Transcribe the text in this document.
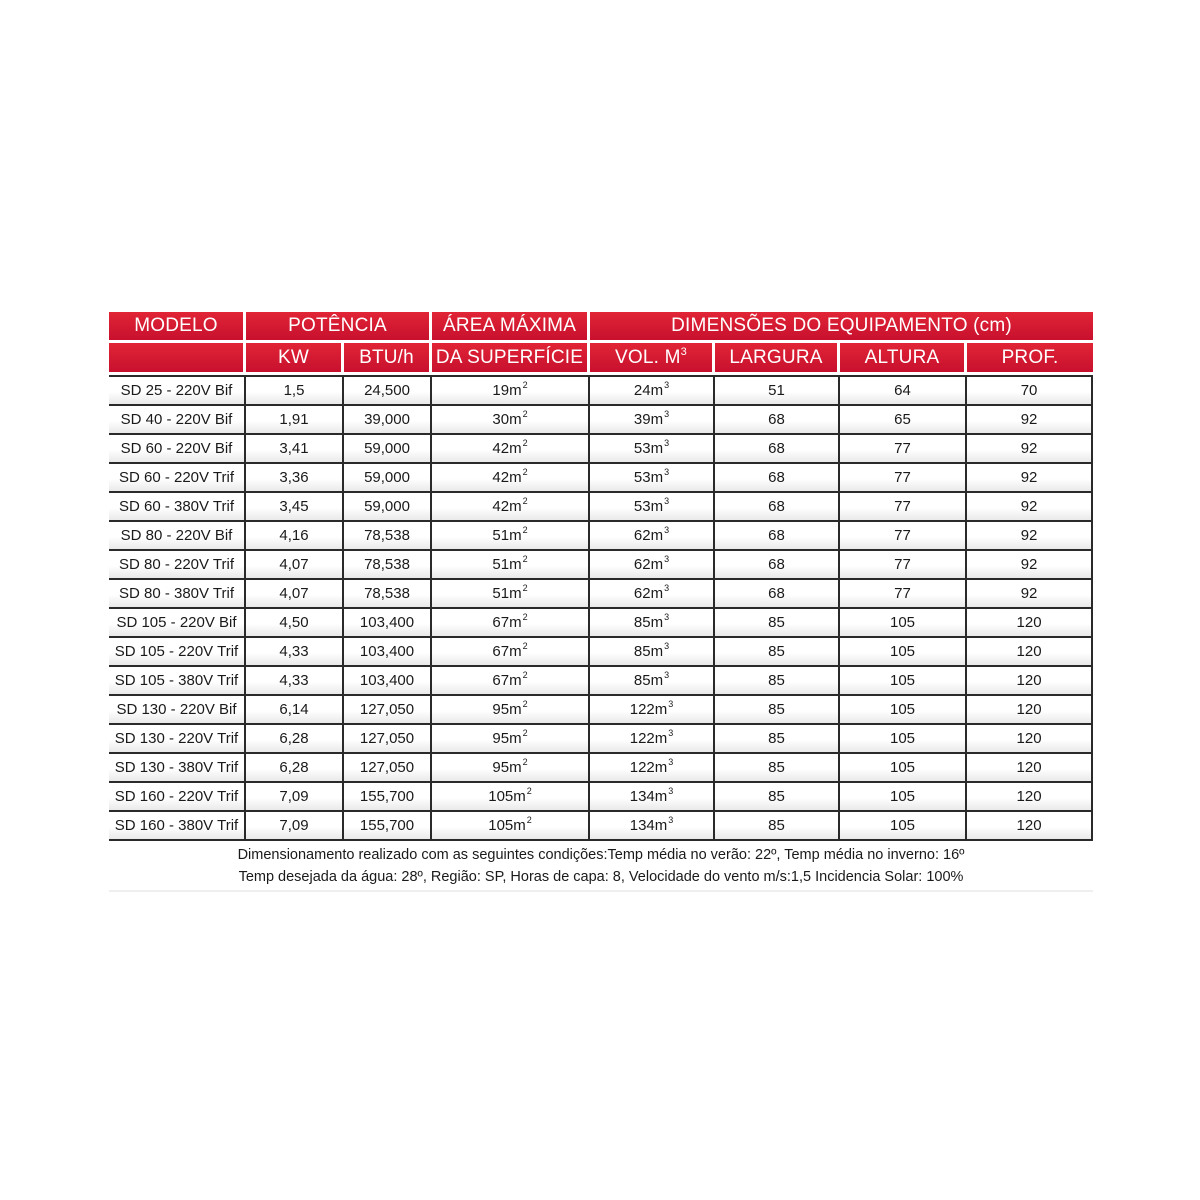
MODELO	POTÊNCIA		ÁREA MÁXIMA	DIMENSÕES DO EQUIPAMENTO (cm)			
	KW	BTU/h	DA SUPERFÍCIE	VOL. $M^3$	LARGURA	ALTURA	PROF.
SD 25 - 220V Bif	1,5	24,500	$19m^2$	$24m^3$	51	64	70
SD 40 - 220V Bif	1,91	39,000	$30m^2$	$39m^3$	68	65	92
SD 60 - 220V Bif	3,41	59,000	$42m^2$	$53m^3$	68	77	92
SD 60 - 220V Trif	3,36	59,000	$42m^2$	$53m^3$	68	77	92
SD 60 - 380V Trif	3,45	59,000	$42m^2$	$53m^3$	68	77	92
SD 80 - 220V Bif	4,16	78,538	$51m^2$	$62m^3$	68	77	92
SD 80 - 220V Trif	4,07	78,538	$51m^2$	$62m^3$	68	77	92
SD 80 - 380V Trif	4,07	78,538	$51m^2$	$62m^3$	68	77	92
SD 105 - 220V Bif	4,50	103,400	$67m^2$	$85m^3$	85	105	120
SD 105 - 220V Trif	4,33	103,400	$67m^2$	$85m^3$	85	105	120
SD 105 - 380V Trif	4,33	103,400	$67m^2$	$85m^3$	85	105	120
SD 130 - 220V Bif	6,14	127,050	$95m^2$	$122m^3$	85	105	120
SD 130 - 220V Trif	6,28	127,050	$95m^2$	$122m^3$	85	105	120
SD 130 - 380V Trif	6,28	127,050	$95m^2$	$122m^3$	85	105	120
SD 160 - 220V Trif	7,09	155,700	$105m^2$	$134m^3$	85	105	120
SD 160 - 380V Trif	7,09	155,700	$105m^2$	$134m^3$	85	105	120
Dimensionamento realizado com as seguintes condições:Temp média no verão: 22º, Temp média no inverno: 16º
Temp desejada da água: 28º, Região: SP, Horas de capa: 8, Velocidade do vento m/s:1,5 Incidencia Solar: 100%
